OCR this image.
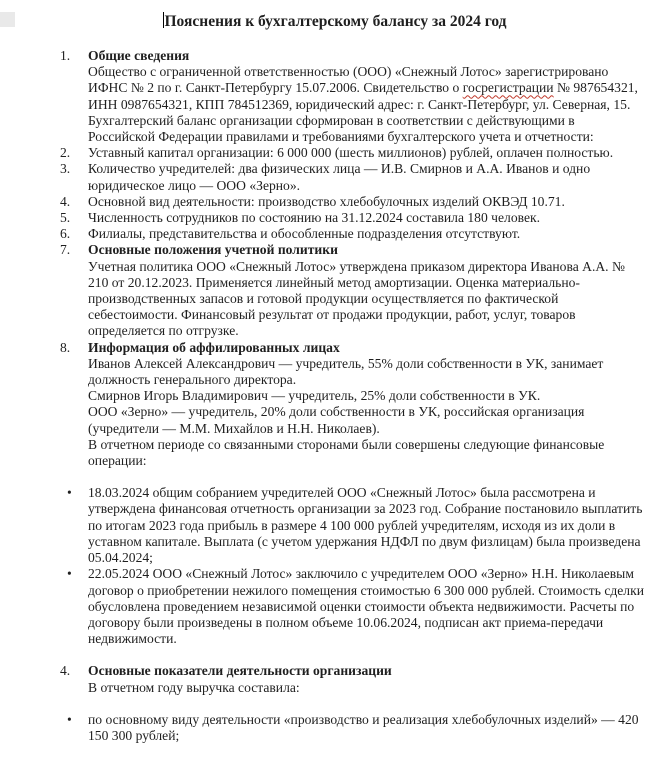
Пояснения к бухгалтерскому балансу за 2024 год
1.	Общие сведения
Общество с ограниченной ответственностью (ООО) «Снежный Лотос» зарегистрировано ИФНС № 2 по г. Санкт-Петербургу 15.07.2006. Свидетельство о госрегистрации № 987654321, ИНН 0987654321, КПП 784512369, юридический адрес: г. Санкт-Петербург, ул. Северная, 15.
Бухгалтерский баланс организации сформирован в соответствии с действующими в Российской Федерации правилами и требованиями бухгалтерского учета и отчетности:
2.	Уставный капитал организации: 6 000 000 (шесть миллионов) рублей, оплачен полностью.
3.	Количество учредителей: два физических лица — И.В. Смирнов и А.А. Иванов и одно юридическое лицо — ООО «Зерно».
4.	Основной вид деятельности: производство хлебобулочных изделий ОКВЭД 10.71.
5.	Численность сотрудников по состоянию на 31.12.2024 составила 180 человек.
6.	Филиалы, представительства и обособленные подразделения отсутствуют.
7.	Основные положения учетной политики
Учетная политика ООО «Снежный Лотос» утверждена приказом директора Иванова А.А. № 210 от 20.12.2023. Применяется линейный метод амортизации. Оценка материально-производственных запасов и готовой продукции осуществляется по фактической себестоимости. Финансовый результат от продажи продукции, работ, услуг, товаров определяется по отгрузке.
8.	Информация об аффилированных лицах
Иванов Алексей Александрович — учредитель, 55% доли собственности в УК, занимает должность генерального директора.
Смирнов Игорь Владимирович — учредитель, 25% доли собственности в УК.
ООО «Зерно» — учредитель, 20% доли собственности в УК, российская организация (учредители — М.М. Михайлов и Н.Н. Николаев).
В отчетном периоде со связанными сторонами были совершены следующие финансовые операции:
•	18.03.2024 общим собранием учредителей ООО «Снежный Лотос» была рассмотрена и утверждена финансовая отчетность организации за 2023 год. Собрание постановило выплатить по итогам 2023 года прибыль в размере 4 100 000 рублей учредителям, исходя из их доли в уставном капитале. Выплата (с учетом удержания НДФЛ по двум физлицам) была произведена 05.04.2024;
•	22.05.2024 ООО «Снежный Лотос» заключило с учредителем ООО «Зерно» Н.Н. Николаевым договор о приобретении нежилого помещения стоимостью 6 300 000 рублей. Стоимость сделки обусловлена проведением независимой оценки стоимости объекта недвижимости. Расчеты по договору были произведены в полном объеме 10.06.2024, подписан акт приема-передачи недвижимости.
4.	Основные показатели деятельности организации
В отчетном году выручка составила:
•	по основному виду деятельности «производство и реализация хлебобулочных изделий» — 420 150 300 рублей;
